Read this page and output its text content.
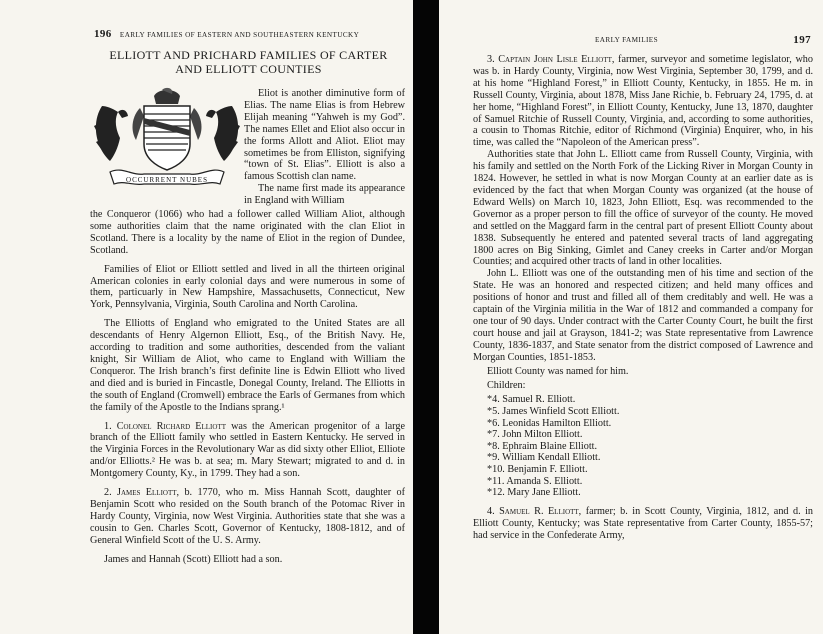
196 EARLY FAMILIES OF EASTERN AND SOUTHEASTERN KENTUCKY
ELLIOTT AND PRICHARD FAMILIES OF CARTER AND ELLIOTT COUNTIES
OCCURRENT NUBES

Eliot is another diminutive form of Elias. The name Elias is from Hebrew Elijah meaning “Yahweh is my God”. The names Ellet and Eliot also occur in the forms Allott and Aliot. Eliot may sometimes be from Elliston, signifying “town of St. Elias”. Elliott is also a famous Scottish clan name.

The name first made its appearance in England with William

the Conqueror (1066) who had a follower called William Aliot, although some authorities claim that the name originated with the clan Eliot in Scotland. There is a locality by the name of Eliot in the region of Dundee, Scotland.

Families of Eliot or Elliott settled and lived in all the thirteen original American colonies in early colonial days and were numerous in some of them, particuarly in New Hampshire, Massachusetts, Connecticut, New York, Pennsylvania, Virginia, South Carolina and North Carolina.

The Elliotts of England who emigrated to the United States are all descendants of Henry Algernon Elliott, Esq., of the British Navy. He, according to tradition and some authorities, descended from the valiant knight, Sir William de Aliot, who came to England with William the Conqueror. The Irish branch’s first definite line is Edwin Elliott who lived and died and is buried in Fincastle, Donegal County, Ireland. The Elliotts in the south of England (Cromwell) embrace the Earls of Germanes from which the family of the Apostle to the Indians sprang.¹

1. Colonel Richard Elliott was the American progenitor of a large branch of the Elliott family who settled in Eastern Kentucky. He served in the Virginia Forces in the Revolutionary War as did sixty other Elliot, Elliote and/or Elliotts.² He was b. at sea; m. Mary Stewart; migrated to and d. in Montgomery County, Ky., in 1799. They had a son.

2. James Elliott, b. 1770, who m. Miss Hannah Scott, daughter of Benjamin Scott who resided on the South branch of the Potomac River in Hardy County, Virginia, now West Virginia. Authorities state that she was a cousin to Gen. Charles Scott, Governor of Kentucky, 1808-1812, and of General Winfield Scott of the U. S. Army.

James and Hannah (Scott) Elliott had a son.

EARLY FAMILIES	197

3. Captain John Lisle Elliott, farmer, surveyor and sometime legislator, who was b. in Hardy County, Virginia, now West Virginia, September 30, 1799, and d. at his home “Highland Forest,” in Elliott County, Kentucky, in 1855. He m. in Russell County, Virginia, about 1878, Miss Jane Richie, b. February 24, 1795, d. at her home, “Highland Forest”, in Elliott County, Kentucky, June 13, 1870, daughter of Samuel Ritchie of Russell County, Virginia, and, according to some authorities, a cousin to Thomas Ritchie, editor of Richmond (Virginia) Enquirer, who, in his time, was called the “Napoleon of the American press”.

Authorities state that John L. Elliott came from Russell County, Virginia, with his family and settled on the North Fork of the Licking River in Morgan County in 1824. However, he settled in what is now Morgan County at an earlier date as is evidenced by the fact that when Morgan County was organized (at the house of Edward Wells) on March 10, 1823, John Elliott, Esq. was recommended to the Governor as a proper person to fill the office of surveyor of the county. He moved and settled on the Maggard farm in the central part of present Elliott County about 1838. Subsequently he entered and patented several tracts of land aggregating 1800 acres on Big Sinking, Gimlet and Caney creeks in Carter and/or Morgan Counties; and acquired other tracts of land in other localities.

John L. Elliott was one of the outstanding men of his time and section of the State. He was an honored and respected citizen; and held many offices and positions of honor and trust and filled all of them creditably and well. He was a captain of the Virginia militia in the War of 1812 and commanded a company for one tour of 90 days. Under contract with the Carter County Court, he built the first court house and jail at Grayson, 1841-2; was State representative from Lawrence County, 1836-1837, and State senator from the district composed of Lawrence and Morgan Counties, 1851-1853.

Elliott County was named for him.

Children:

*4. Samuel R. Elliott.
*5. James Winfield Scott Elliott.
*6. Leonidas Hamilton Elliott.
*7. John Milton Elliott.
*8. Ephraim Blaine Elliott.
*9. William Kendall Elliott.
*10. Benjamin F. Elliott.
*11. Amanda S. Elliott.
*12. Mary Jane Elliott.

4. Samuel R. Elliott, farmer; b. in Scott County, Virginia, 1812, and d. in Elliott County, Kentucky; was State representative from Carter County, 1855-57; had service in the Confederate Army,
